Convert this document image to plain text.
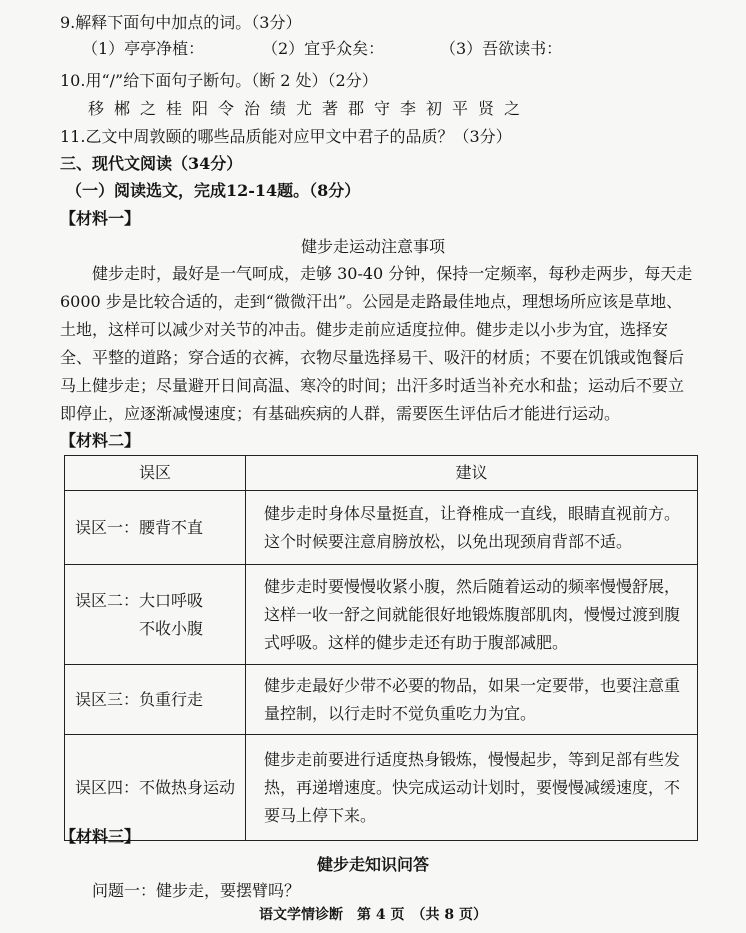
9.解释下面句中加点的词。（3分）
（1）亭亭净植：	（2）宜乎众矣：	（3）吾欲读书：
10.用“/”给下面句子断句。（断 2 处）（2分）
移郴之桂阳令治绩尤著郡守李初平贤之
11.乙文中周敦颐的哪些品质能对应甲文中君子的品质？（3分）
三、现代文阅读（34分）
（一）阅读选文，完成12-14题。（8分）
【材料一】
健步走运动注意事项
健步走时，最好是一气呵成，走够 30-40 分钟，保持一定频率，每秒走两步，每天走6000 步是比较合适的，走到“微微汗出”。公园是走路最佳地点，理想场所应该是草地、土地，这样可以减少对关节的冲击。健步走前应适度拉伸。健步走以小步为宜，选择安全、平整的道路；穿合适的衣裤，衣物尽量选择易干、吸汗的材质；不要在饥饿或饱餐后马上健步走；尽量避开日间高温、寒冷的时间；出汗多时适当补充水和盐；运动后不要立即停止，应逐渐减慢速度；有基础疾病的人群，需要医生评估后才能进行运动。
【材料二】
误区	建议
误区一：腰背不直	健步走时身体尽量挺直，让脊椎成一直线，眼睛直视前方。这个时候要注意肩膀放松，以免出现颈肩背部不适。

误区二：大口呼吸
不收小腹	健步走时要慢慢收紧小腹，然后随着运动的频率慢慢舒展，这样一收一舒之间就能很好地锻炼腹部肌肉，慢慢过渡到腹式呼吸。这样的健步走还有助于腹部减肥。
误区三：负重行走	健步走最好少带不必要的物品，如果一定要带，也要注意重量控制，以行走时不觉负重吃力为宜。
误区四：不做热身运动	健步走前要进行适度热身锻炼，慢慢起步，等到足部有些发热，再递增速度。快完成运动计划时，要慢慢减缓速度，不要马上停下来。
【材料三】
健步走知识问答
问题一：健步走，要摆臂吗？
语文学情诊断　第 4 页　（共 8 页）
